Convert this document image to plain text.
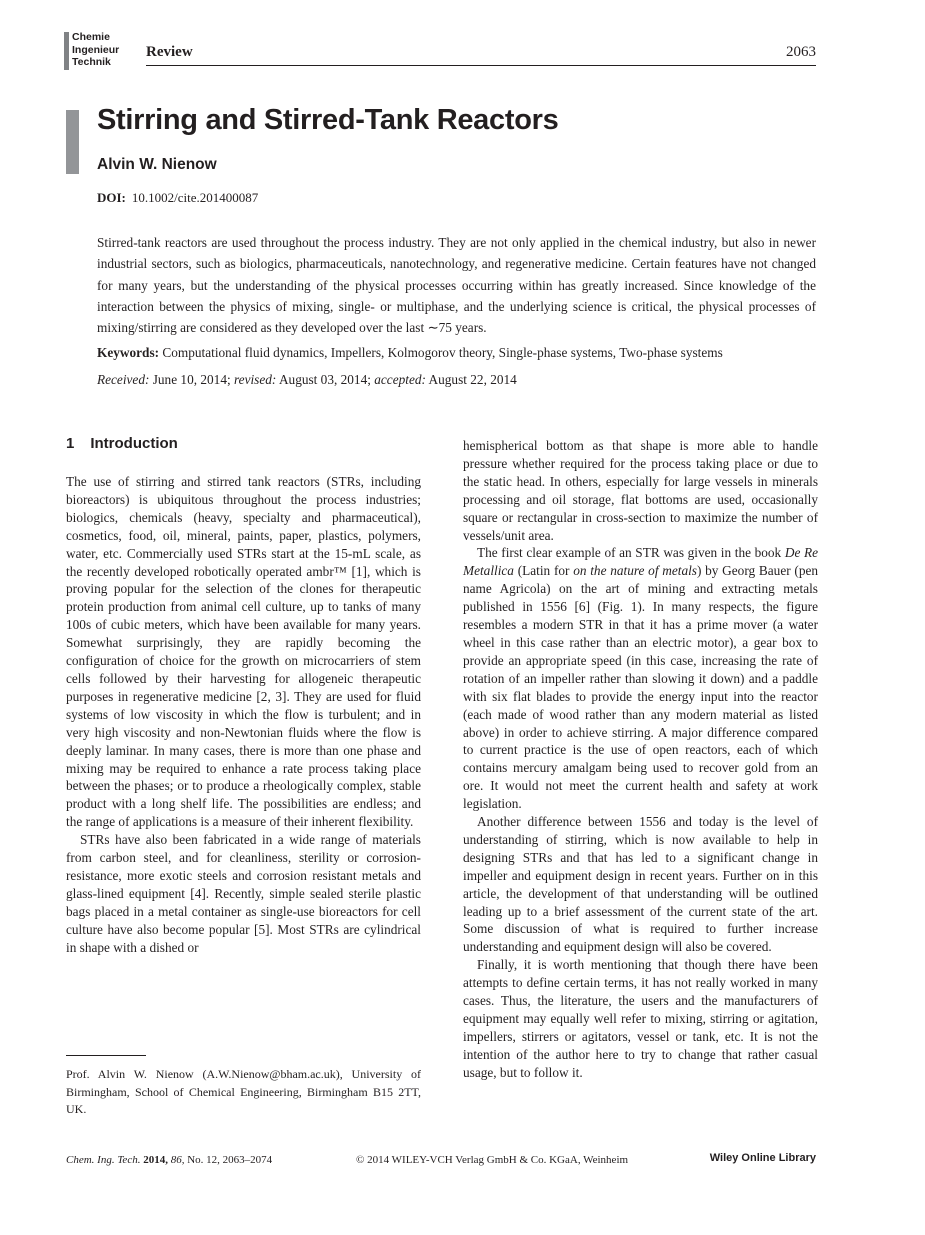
Chemie
Ingenieur
Technik
Review	2063
Stirring and Stirred-Tank Reactors
Alvin W. Nienow
DOI: 10.1002/cite.201400087

Stirred-tank reactors are used throughout the process industry. They are not only applied in the chemical industry, but also in newer industrial sectors, such as biologics, pharmaceuticals, nanotechnology, and regenerative medicine. Certain features have not changed for many years, but the understanding of the physical processes occurring within has greatly increased. Since knowledge of the interaction between the physics of mixing, single- or multiphase, and the underlying science is critical, the physical processes of mixing/stirring are considered as they developed over the last ∼75 years.

Keywords: Computational fluid dynamics, Impellers, Kolmogorov theory, Single-phase systems, Two-phase systems
Received: June 10, 2014; revised: August 03, 2014; accepted: August 22, 2014
1 Introduction

The use of stirring and stirred tank reactors (STRs, including bioreactors) is ubiquitous throughout the process industries; biologics, chemicals (heavy, specialty and pharmaceutical), cosmetics, food, oil, mineral, paints, paper, plastics, polymers, water, etc. Commercially used STRs start at the 15-mL scale, as the recently developed robotically operated ambr™ [1], which is proving popular for the selection of the clones for therapeutic protein production from animal cell culture, up to tanks of many 100s of cubic meters, which have been available for many years. Somewhat surprisingly, they are rapidly becoming the configuration of choice for the growth on microcarriers of stem cells followed by their harvesting for allogeneic therapeutic purposes in regenerative medicine [2, 3]. They are used for fluid systems of low viscosity in which the flow is turbulent; and in very high viscosity and non-Newtonian fluids where the flow is deeply laminar. In many cases, there is more than one phase and mixing may be required to enhance a rate process taking place between the phases; or to produce a rheologically complex, stable product with a long shelf life. The possibilities are endless; and the range of applications is a measure of their inherent flexibility.

STRs have also been fabricated in a wide range of materials from carbon steel, and for cleanliness, sterility or corrosion-resistance, more exotic steels and corrosion resistant metals and glass-lined equipment [4]. Recently, simple sealed sterile plastic bags placed in a metal container as single-use bioreactors for cell culture have also become popular [5]. Most STRs are cylindrical in shape with a dished or

hemispherical bottom as that shape is more able to handle pressure whether required for the process taking place or due to the static head. In others, especially for large vessels in minerals processing and oil storage, flat bottoms are used, occasionally square or rectangular in cross-section to maximize the number of vessels/unit area.

The first clear example of an STR was given in the book De Re Metallica (Latin for on the nature of metals) by Georg Bauer (pen name Agricola) on the art of mining and extracting metals published in 1556 [6] (Fig. 1). In many respects, the figure resembles a modern STR in that it has a prime mover (a water wheel in this case rather than an electric motor), a gear box to provide an appropriate speed (in this case, increasing the rate of rotation of an impeller rather than slowing it down) and a paddle with six flat blades to provide the energy input into the reactor (each made of wood rather than any modern material as listed above) in order to achieve stirring. A major difference compared to current practice is the use of open reactors, each of which contains mercury amalgam being used to recover gold from an ore. It would not meet the current health and safety at work legislation.

Another difference between 1556 and today is the level of understanding of stirring, which is now available to help in designing STRs and that has led to a significant change in impeller and equipment design in recent years. Further on in this article, the development of that understanding will be outlined leading up to a brief assessment of the current state of the art. Some discussion of what is required to further increase understanding and equipment design will also be covered.

Finally, it is worth mentioning that though there have been attempts to define certain terms, it has not really worked in many cases. Thus, the literature, the users and the manufacturers of equipment may equally well refer to mixing, stirring or agitation, impellers, stirrers or agitators, vessel or tank, etc. It is not the intention of the author here to try to change that rather casual usage, but to follow it.

Prof. Alvin W. Nienow (A.W.Nienow@bham.ac.uk), University of Birmingham, School of Chemical Engineering, Birmingham B15 2TT, UK.

Chem. Ing. Tech. 2014, 86, No. 12, 2063–2074	© 2014 WILEY-VCH Verlag GmbH & Co. KGaA, Weinheim	Wiley Online Library
